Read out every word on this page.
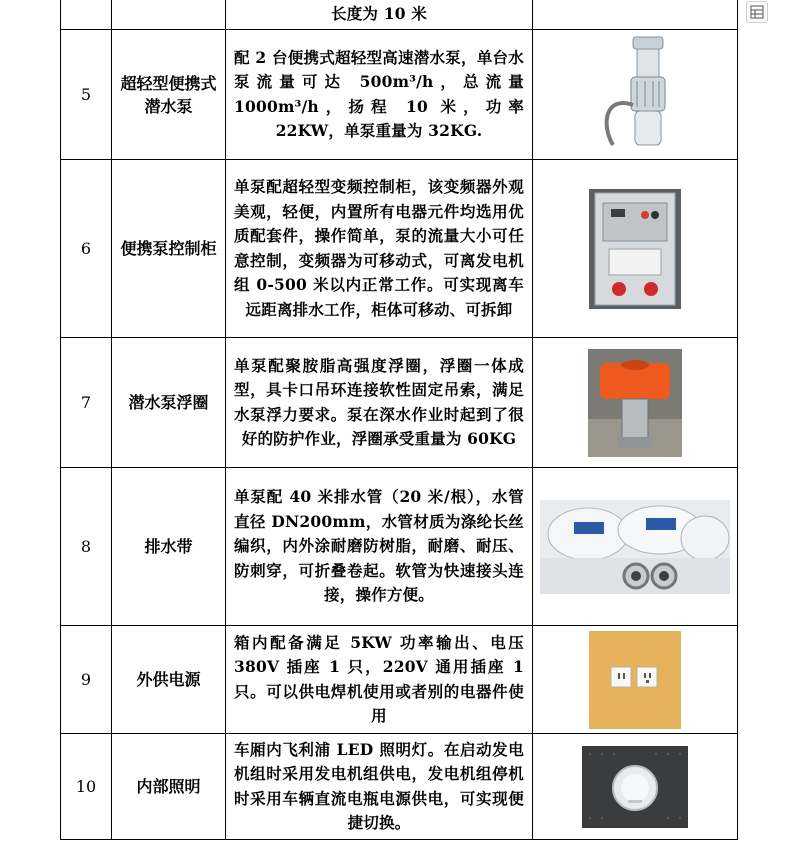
		长度为 10 米	
5	超轻型便携式潜水泵	配 2 台便携式超轻型高速潜水泵，单台水泵流量可达 500m³/h，总流量 1000m³/h，扬程 10 米，功率 22KW，单泵重量为 32KG.	
6	便携泵控制柜	单泵配超轻型变频控制柜，该变频器外观美观，轻便，内置所有电器元件均选用优质配套件，操作简单，泵的流量大小可任意控制，变频器为可移动式，可离发电机组 0-500 米以内正常工作。可实现离车远距离排水工作，柜体可移动、可拆卸	
7	潜水泵浮圈	单泵配聚胺脂高强度浮圈，浮圈一体成型，具卡口吊环连接软性固定吊索，满足水泵浮力要求。泵在深水作业时起到了很好的防护作业，浮圈承受重量为 60KG	
8	排水带	单泵配 40 米排水管（20 米/根），水管直径 DN200mm，水管材质为涤纶长丝编织，内外涂耐磨防树脂，耐磨、耐压、防刺穿，可折叠卷起。软管为快速接头连接，操作方便。	
9	外供电源	箱内配备满足 5KW 功率输出、电压 380V 插座 1 只，220V 通用插座 1 只。可以供电焊机使用或者别的电器件使用	
10	内部照明	车厢内飞利浦 LED 照明灯。在启动发电机组时采用发电机组供电，发电机组停机时采用车辆直流电瓶电源供电，可实现便捷切换。	
